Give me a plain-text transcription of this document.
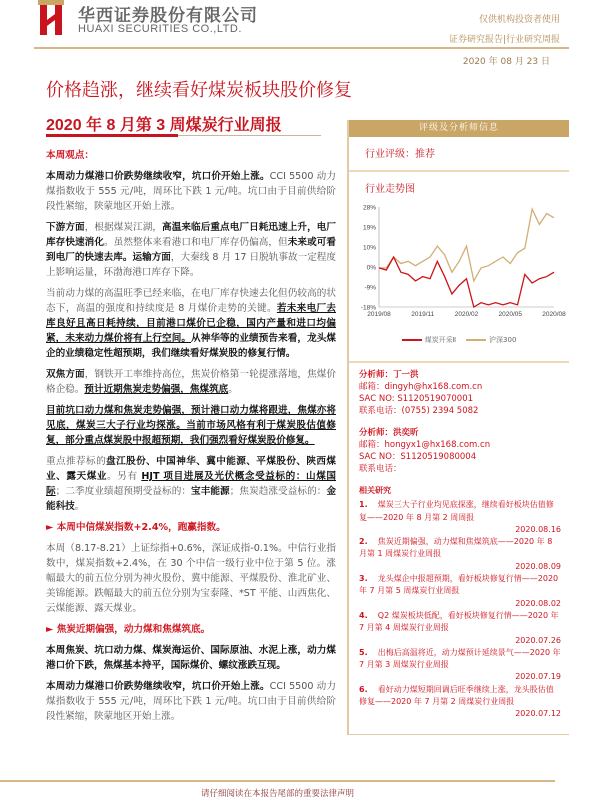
华西证券股份有限公司
HUAXI SECURITIES CO.,LTD.
仅供机构投资者使用
证券研究报告|行业研究周报
2020 年 08 月 23 日
价格趋涨，继续看好煤炭板块股价修复
2020 年 8 月第 3 周煤炭行业周报

本周观点：

本周动力煤港口价跌势继续收窄，坑口价开始上涨。CCI 5500 动力煤指数收于 555 元/吨，周环比下跌 1 元/吨。坑口由于目前供给阶段性紧缩，陕蒙地区开始上涨。

下游方面，根据煤炭江湖，高温来临后重点电厂日耗迅速上升，电厂库存快速消化。虽然整体来看港口和电厂库存仍偏高，但未来或可看到电厂的快速去库。运输方面，大秦线 8 月 17 日脱轨事故一定程度上影响运量，环渤海港口库存下降。

当前动力煤的高温旺季已经来临，在电厂库存快速去化但仍较高的状态下，高温的强度和持续度是 8 月煤价走势的关键。若未来电厂去库良好且高日耗持续，目前港口煤价已企稳，国内产量和进口均偏紧，未来动力煤价将有上行空间。从神华等的业绩预告来看，龙头煤企的业绩稳定性超预期，我们继续看好煤炭股的修复行情。

双焦方面，钢铁开工率维持高位，焦炭价格第一轮提涨落地，焦煤价格企稳。预计近期焦炭走势偏强，焦煤筑底。

目前坑口动力煤和焦炭走势偏强，预计港口动力煤将跟进，焦煤亦将见底，煤炭三大子行业均探涨。当前市场风格有利于煤炭股估值修复，部分重点煤炭股中报超预期，我们强烈看好煤炭股价修复。

重点推荐标的盘江股份、中国神华、冀中能源、平煤股份、陕西煤业、露天煤业。另有 HJT 项目进展及光伏概念受益标的：山煤国际；二季度业绩超预期受益标的：宝丰能源；焦炭趋涨受益标的：金能科技。

► 本周中信煤炭指数+2.4%，跑赢指数。

本周（8.17-8.21）上证综指+0.6%，深证成指-0.1%。中信行业指数中，煤炭指数+2.4%，在 30 个中信一级行业中位于第 5 位。涨幅最大的前五位分别为神火股份、冀中能源、平煤股份、淮北矿业、美锦能源。跌幅最大的前五位分别为宝泰隆、*ST 平能、山西焦化、云煤能源、露天煤业。

► 焦炭近期偏强，动力煤和焦煤筑底。

本周焦炭、坑口动力煤、煤炭海运价、国际原油、水泥上涨，动力煤港口价下跌，焦煤基本持平，国际煤价、螺纹涨跌互现。

本周动力煤港口价跌势继续收窄，坑口价开始上涨。CCI 5500 动力煤指数收于 555 元/吨，周环比下跌 1 元/吨。坑口由于目前供给阶段性紧缩，陕蒙地区开始上涨。

评级及分析师信息
行业评级：推荐
行业走势图
28%
19%
10%
0%
-9%
-18%
2019/08	2019/11	2020/02	2020/05	2020/08
煤炭开采Ⅱ	沪深300
分析师：丁一洪
邮箱：dingyh@hx168.com.cn
SAC NO: S1120519070001
联系电话：(0755) 2394 5082
分析师：洪奕昕
邮箱：hongyx1@hx168.com.cn
SAC NO：S1120519080004
联系电话：
相关研究
1. 煤炭三大子行业均见底探涨，继续看好板块估值修复——2020 年 8 月第 2 周周报
2020.08.16
2. 焦炭近期偏强，动力煤和焦煤筑底——2020 年 8 月第 1 周煤炭行业周报
2020.08.09
3. 龙头煤企中报超预期，看好板块修复行情——2020 年 7 月第 5 周煤炭行业周报
2020.08.02
4. Q2 煤炭板块低配，看好板块修复行情——2020 年 7 月第 4 周煤炭行业周报
2020.07.26
5. 出梅后高温将近，动力煤预计延续景气——2020 年 7 月第 3 周煤炭行业周报
2020.07.19
6. 看好动力煤短期回调后旺季继续上涨，龙头股估值修复——2020 年 7 月第 2 周煤炭行业周报
2020.07.12
请仔细阅读在本报告尾部的重要法律声明
